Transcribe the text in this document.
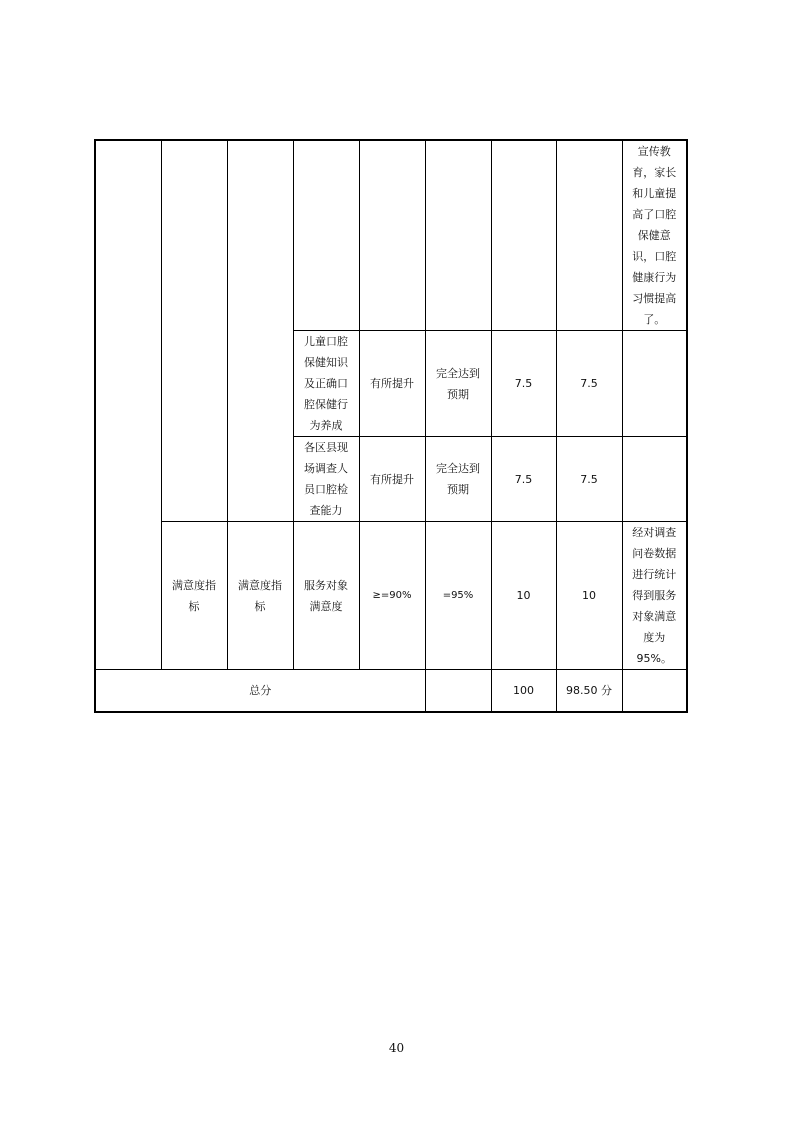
								宣传教育，家长和儿童提高了口腔保健意识，口腔健康行为习惯提高了。
			儿童口腔保健知识及正确口腔保健行为养成	有所提升	完全达到预期	7.5	7.5	
			各区县现场调查人员口腔检查能力	有所提升	完全达到预期	7.5	7.5	
	满意度指标	满意度指标	服务对象满意度	≥=90%	=95%	10	10	经对调查问卷数据进行统计得到服务对象满意度为95%。
总分						100	98.50 分	
40
